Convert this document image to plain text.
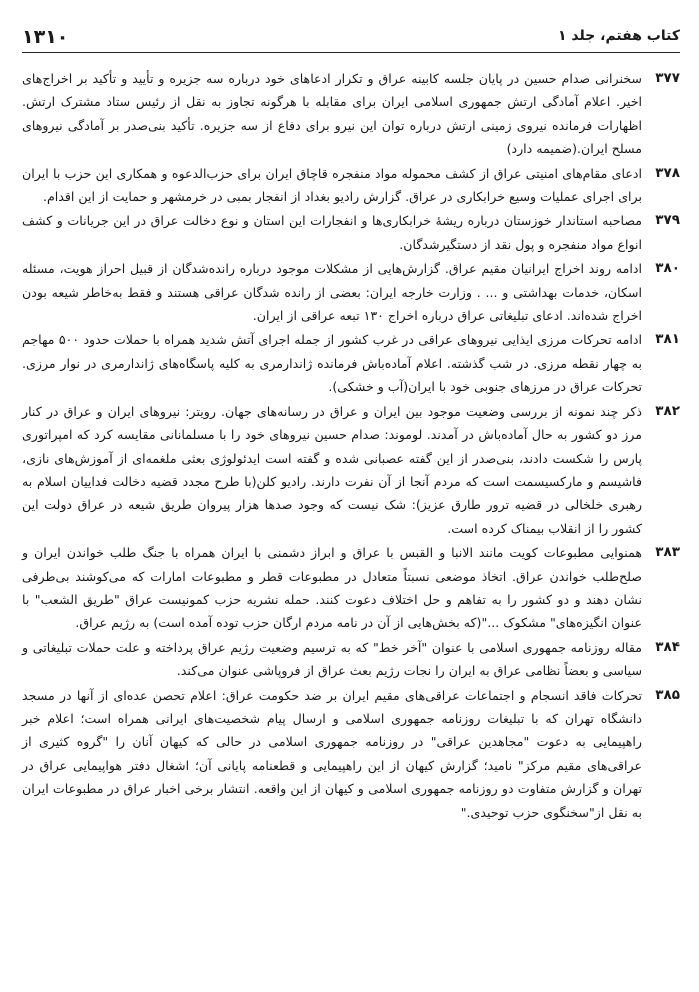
کتاب هفتم، جلد ۱
۱۳۱۰
۳۷۷

سخنرانی صدام حسین در پایان جلسه کابینه عراق و تکرار ادعاهای خود درباره سه جزیره و تأیید و تأکید بر اخراج‌های اخیر. اعلام آمادگی ارتش جمهوری اسلامی ایران برای مقابله با هرگونه تجاوز به نقل از رئیس ستاد مشترک ارتش. اظهارات فرمانده نیروی زمینی ارتش درباره توان این نیرو برای دفاع از سه جزیره. تأکید بنی‌صدر بر آمادگی نیروهای مسلح ایران.(ضمیمه دارد)

۳۷۸

ادعای مقام‌های امنیتی عراق از کشف محموله مواد منفجره قاچاق ایران برای حزب‌الدعوه و همکاری این حزب با ایران برای اجرای عملیات وسیع خرابکاری در عراق. گزارش رادیو بغداد از انفجار بمبی در خرمشهر و حمایت از این اقدام.

۳۷۹

مصاحبه استاندار خوزستان درباره ریشهٔ خرابکاری‌ها و انفجارات این استان و نوع دخالت عراق در این جریانات و کشف انواع مواد منفجره و پول نقد از دستگیرشدگان.

۳۸۰

ادامه روند اخراج ایرانیان مقیم عراق. گزارش‌هایی از مشکلات موجود درباره رانده‌شدگان از قبیل احراز هویت، مسئله اسکان، خدمات بهداشتی و ... . وزارت خارجه ایران: بعضی از رانده شدگان عراقی هستند و فقط به‌خاطر شیعه بودن اخراج شده‌اند. ادعای تبلیغاتی عراق درباره اخراج ۱۳۰ تبعه عراقی از ایران.

۳۸۱

ادامه تحرکات مرزی ایذایی نیروهای عراقی در غرب کشور از جمله اجرای آتش شدید همراه با حملات حدود ۵۰۰ مهاجم به چهار نقطه مرزی. در شب گذشته. اعلام آماده‌باش فرمانده ژاندارمری به کلیه پاسگاه‌های ژاندارمری در نوار مرزی. تحرکات عراق در مرزهای جنوبی خود با ایران(آب و خشکی).

۳۸۲

ذکر چند نمونه از بررسی وضعیت موجود بین ایران و عراق در رسانه‌های جهان. رویتر: نیروهای ایران و عراق در کنار مرز دو کشور به حال آماده‌باش در آمدند. لوموند: صدام حسین نیروهای خود را با مسلمانانی مقایسه کرد که امپراتوری پارس را شکست دادند، بنی‌صدر از این گفته عصبانی شده و گفته است ایدئولوژی بعثی ملغمه‌ای از آموزش‌های نازی، فاشیسم و مارکسیسمت است که مردم آنجا از آن نفرت دارند. رادیو کلن(با طرح مجدد قضیه دخالت فداییان اسلام به رهبری خلخالی در قضیه ترور طارق عزیز): شک نیست که وجود صدها هزار پیروان طریق شیعه در عراق دولت این کشور را از انقلاب بیمناک کرده است.

۳۸۳

همنوایی مطبوعات کویت مانند الانبا و القبس با عراق و ابراز دشمنی با ایران همراه با جنگ طلب خواندن ایران و صلح‌طلب خواندن عراق. اتخاذ موضعی نسبتاً متعادل در مطبوعات قطر و مطبوعات امارات که می‌کوشند بی‌طرفی نشان دهند و دو کشور را به تفاهم و حل اختلاف دعوت کنند. حمله نشریه حزب کمونیست عراق "طریق الشعب" با عنوان انگیزه‌های" مشکوک ..."(که بخش‌هایی از آن در نامه مردم ارگان حزب توده آمده است) به رژیم عراق.

۳۸۴

مقاله روزنامه جمهوری اسلامی با عنوان "آخر خط" که به ترسیم وضعیت رژیم عراق پرداخته و علت حملات تبلیغاتی و سیاسی و بعضاً نظامی عراق به ایران را نجات رژیم بعث عراق از فروپاشی عنوان می‌کند.

۳۸۵

تحرکات فاقد انسجام و اجتماعات عراقی‌های مقیم ایران بر ضد حکومت عراق: اعلام تحصن عده‌ای از آنها در مسجد دانشگاه تهران که با تبلیغات روزنامه جمهوری اسلامی و ارسال پیام شخصیت‌های ایرانی همراه است؛ اعلام خبر راهپیمایی به دعوت "مجاهدین عراقی" در روزنامه جمهوری اسلامی در حالی که کیهان آنان را "گروه کثیری از عراقی‌های مقیم مرکز" نامید؛ گزارش کیهان از این راهپیمایی و قطعنامه پایانی آن؛ اشغال دفتر هواپیمایی عراق در تهران و گزارش متفاوت دو روزنامه جمهوری اسلامی و کیهان از این واقعه. انتشار برخی اخبار عراق در مطبوعات ایران به نقل از"سخنگوی حزب توحیدی."
